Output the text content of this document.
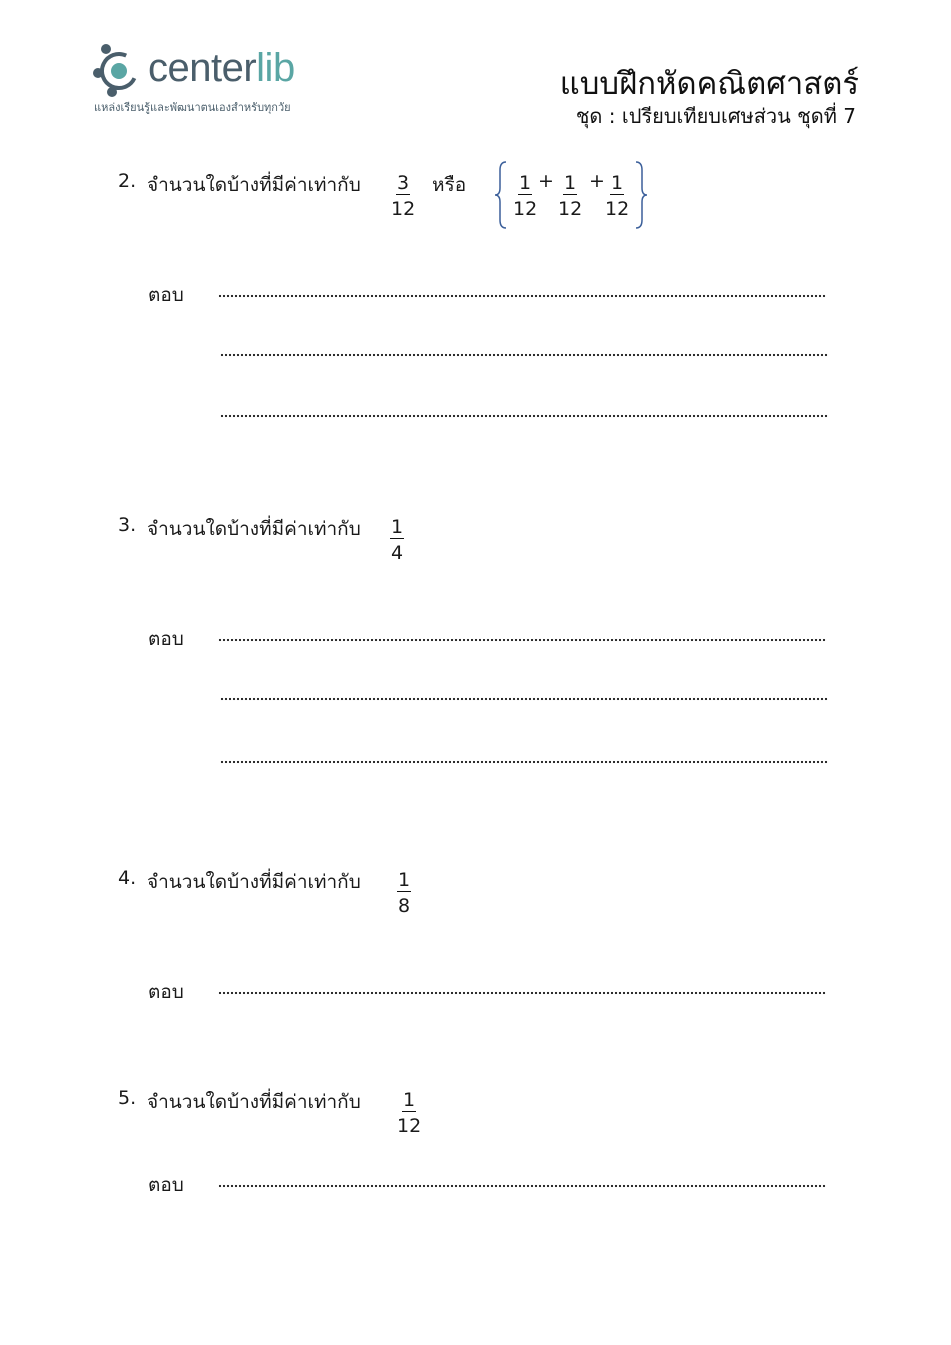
centerlib
แหล่งเรียนรู้และพัฒนาตนเองสำหรับทุกวัย
แบบฝึกหัดคณิตศาสตร์
ชุด : เปรียบเทียบเศษส่วน ชุดที่ 7
2. จำนวนใดบ้างที่มีค่าเท่ากับ $\frac{3}{12}$ หรือ $\frac{1}{12} + \frac{1}{12} + \frac{1}{12}$
ตอบ
3. จำนวนใดบ้างที่มีค่าเท่ากับ $\frac{1}{4}$
ตอบ
4. จำนวนใดบ้างที่มีค่าเท่ากับ $\frac{1}{8}$
ตอบ
5. จำนวนใดบ้างที่มีค่าเท่ากับ $\frac{1}{12}$
ตอบ
